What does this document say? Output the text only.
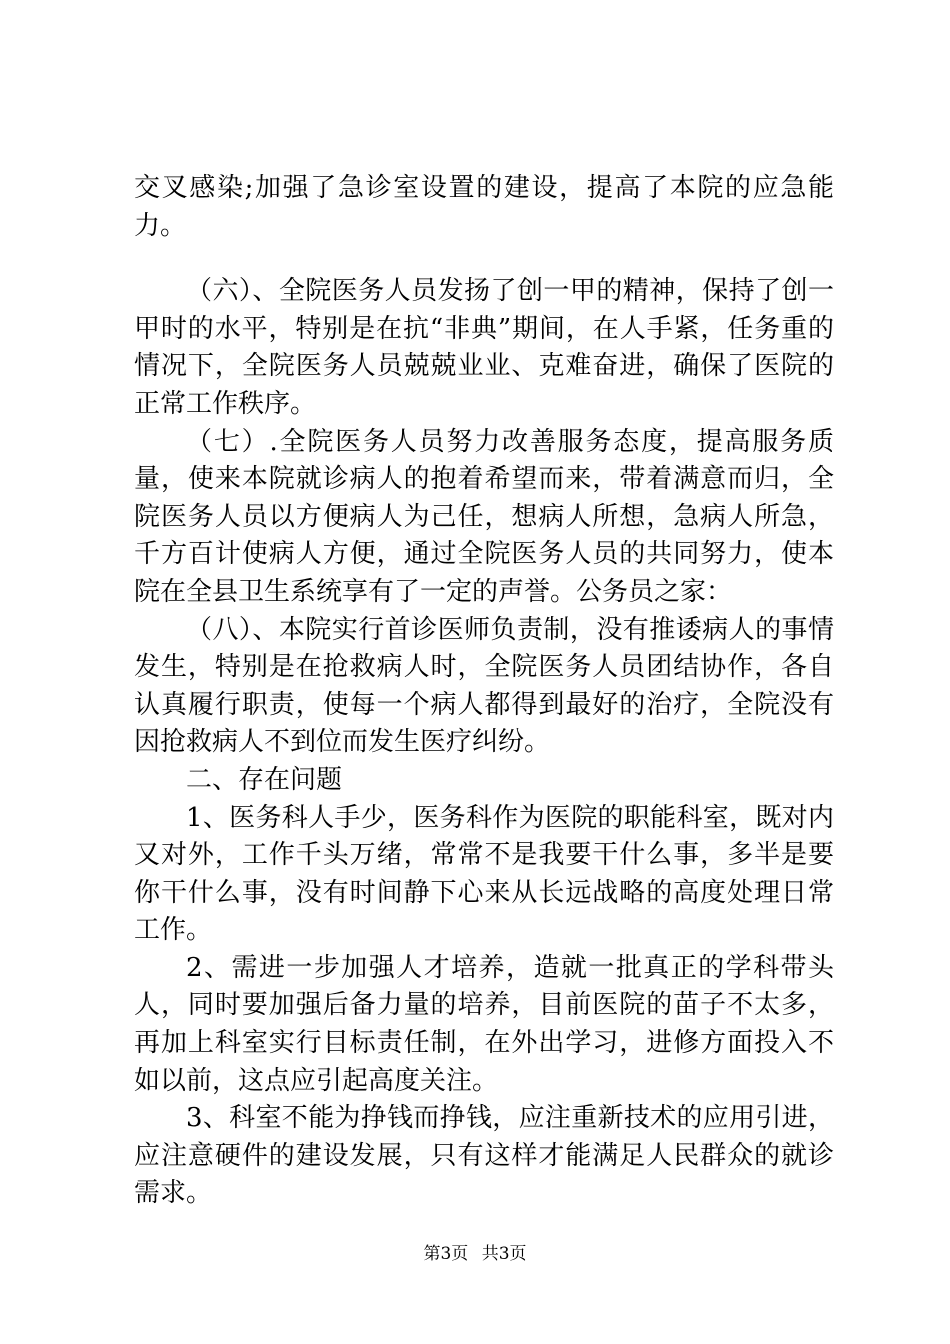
交叉感染;加强了急诊室设置的建设，提高了本院的应急能力。

（六）、全院医务人员发扬了创一甲的精神，保持了创一甲时的水平，特别是在抗“非典”期间，在人手紧，任务重的情况下，全院医务人员兢兢业业、克难奋进，确保了医院的正常工作秩序。

（七）.全院医务人员努力改善服务态度，提高服务质量，使来本院就诊病人的抱着希望而来，带着满意而归，全院医务人员以方便病人为己任，想病人所想，急病人所急，千方百计使病人方便，通过全院医务人员的共同努力，使本院在全县卫生系统享有了一定的声誉。公务员之家：

（八）、本院实行首诊医师负责制，没有推诿病人的事情发生，特别是在抢救病人时，全院医务人员团结协作，各自认真履行职责，使每一个病人都得到最好的治疗，全院没有因抢救病人不到位而发生医疗纠纷。

二、存在问题

1、医务科人手少，医务科作为医院的职能科室，既对内又对外，工作千头万绪，常常不是我要干什么事，多半是要你干什么事，没有时间静下心来从长远战略的高度处理日常工作。

2、需进一步加强人才培养，造就一批真正的学科带头人，同时要加强后备力量的培养，目前医院的苗子不太多，再加上科室实行目标责任制，在外出学习，进修方面投入不如以前，这点应引起高度关注。

3、科室不能为挣钱而挣钱，应注重新技术的应用引进，应注意硬件的建设发展，只有这样才能满足人民群众的就诊需求。

第3页 共3页
